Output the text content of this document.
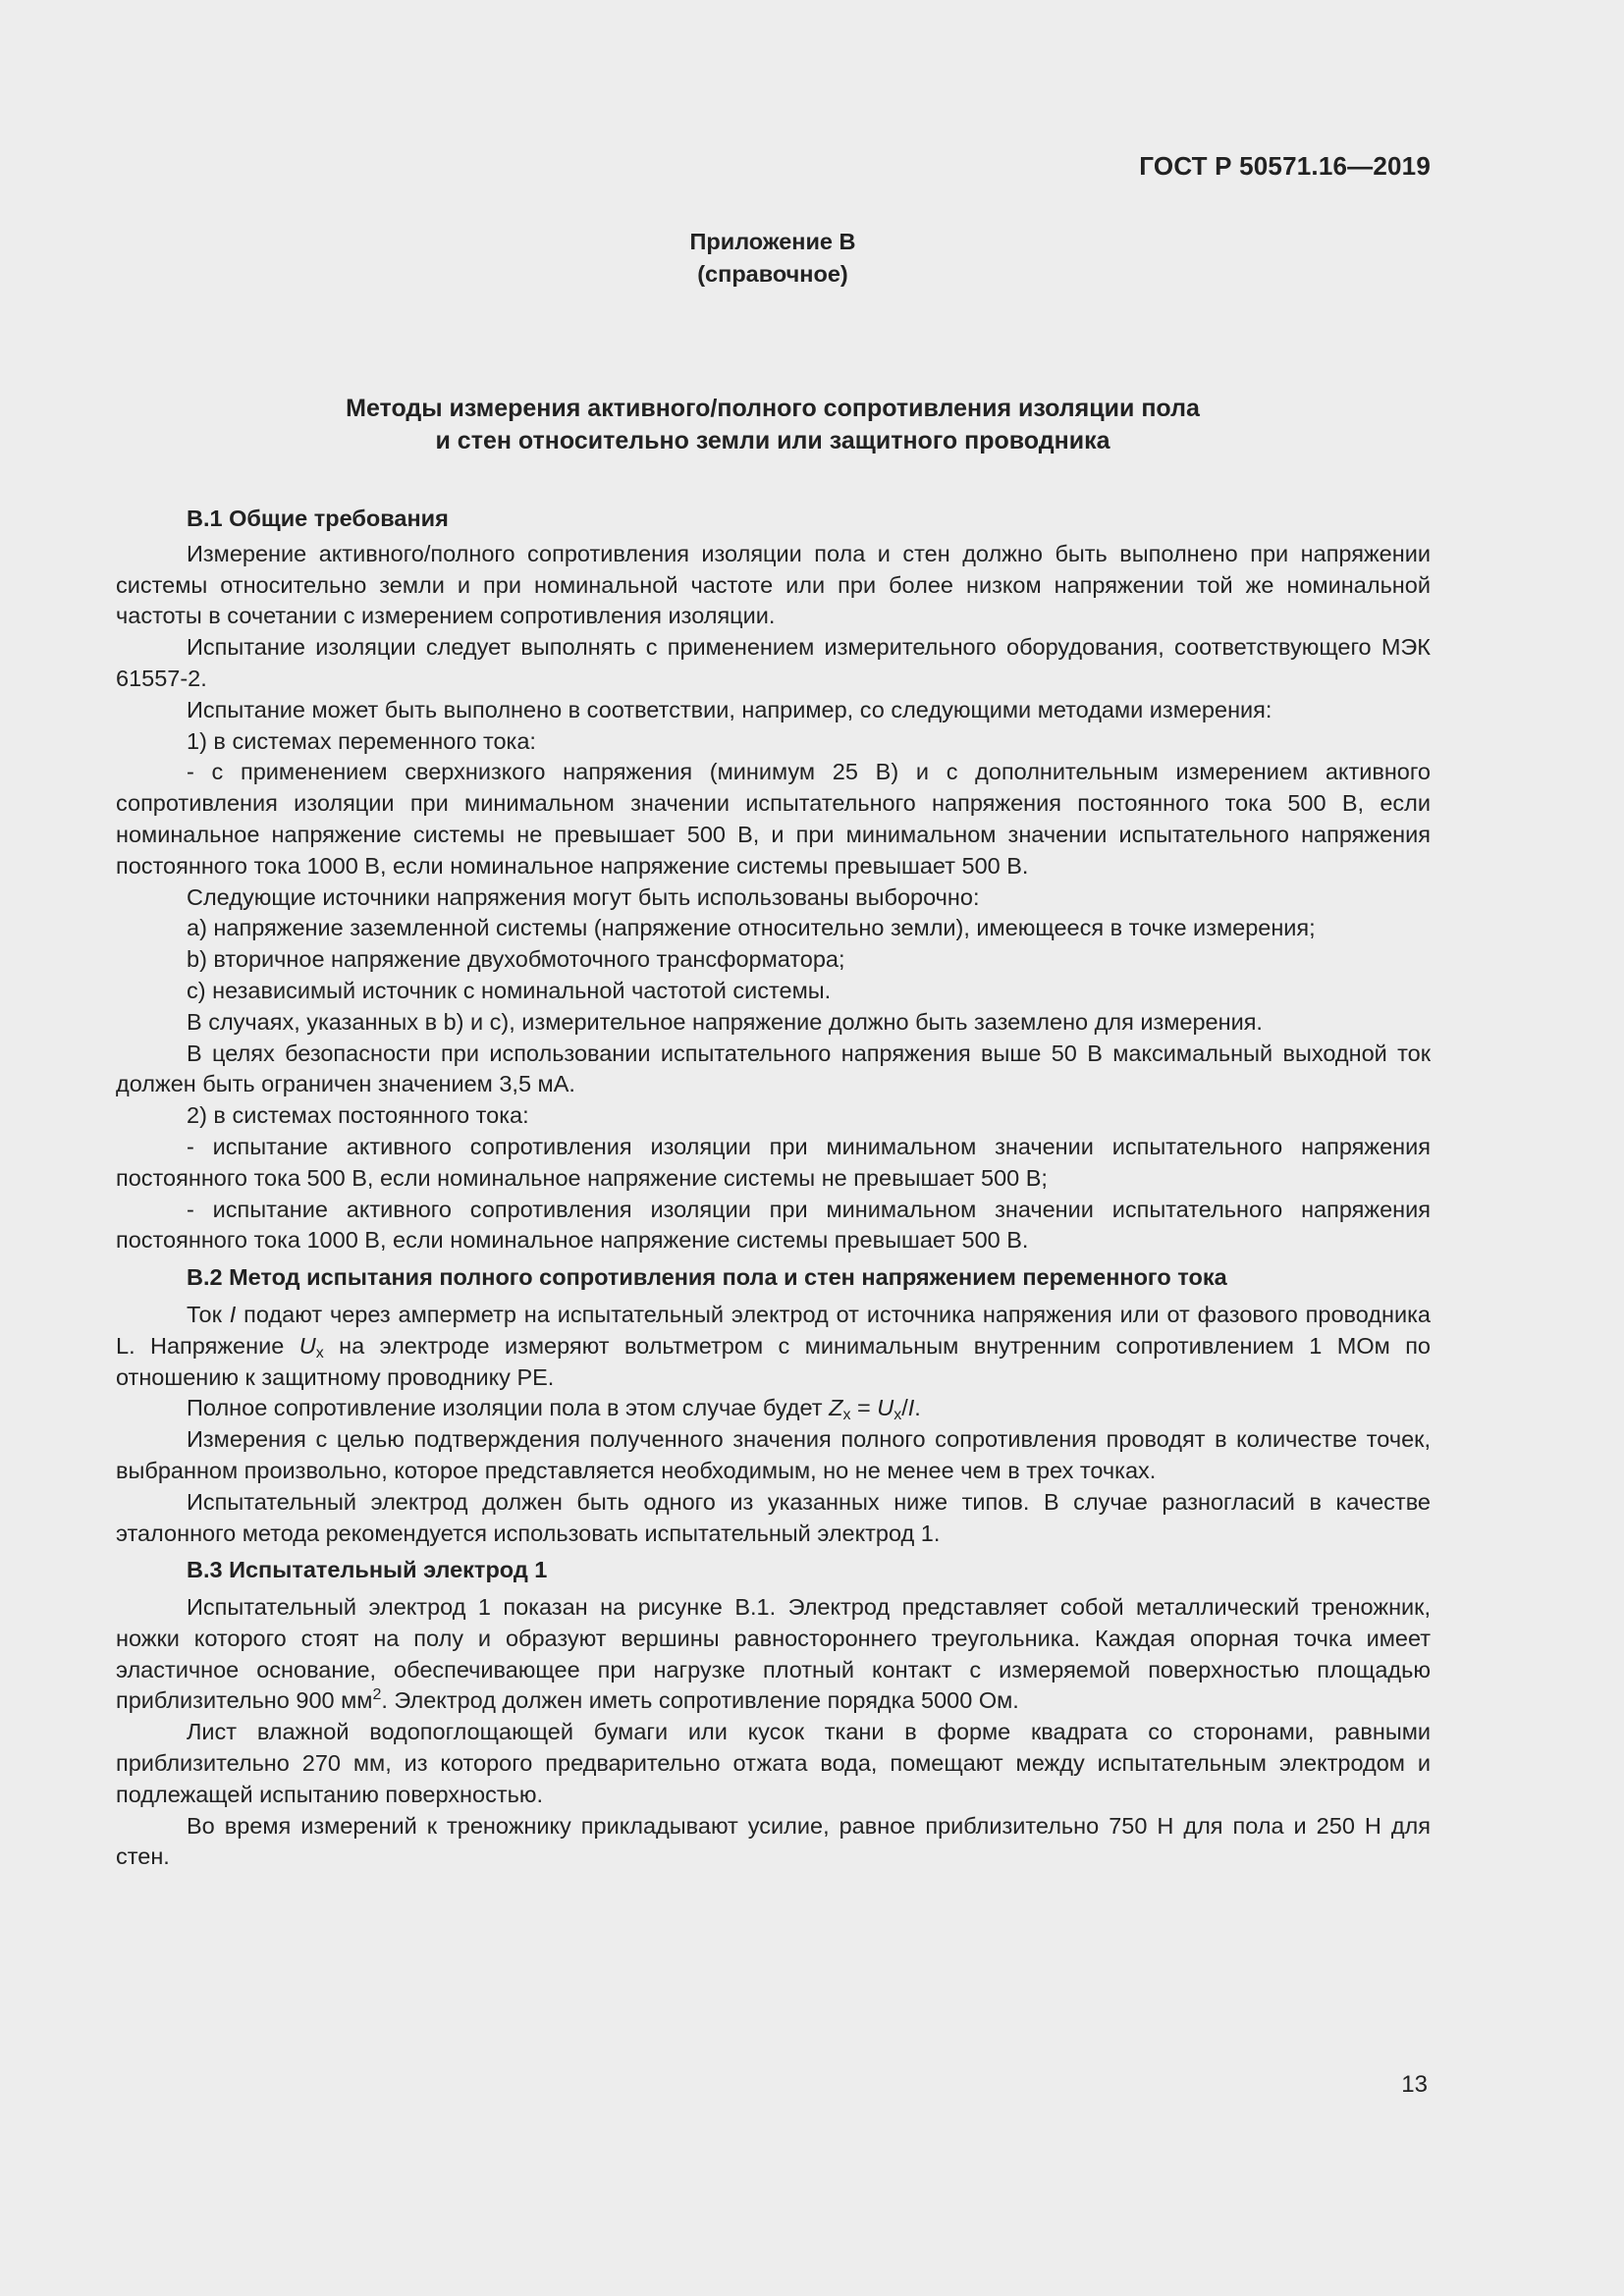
ГОСТ Р 50571.16—2019
Приложение В
(справочное)
Методы измерения активного/полного сопротивления изоляции пола
и стен относительно земли или защитного проводника
В.1 Общие требования

Измерение активного/полного сопротивления изоляции пола и стен должно быть выполнено при напряжении системы относительно земли и при номинальной частоте или при более низком напряжении той же номинальной частоты в сочетании с измерением сопротивления изоляции.

Испытание изоляции следует выполнять с применением измерительного оборудования, соответствующего МЭК 61557-2.

Испытание может быть выполнено в соответствии, например, со следующими методами измерения:

1) в системах переменного тока:

- с применением сверхнизкого напряжения (минимум 25 В) и с дополнительным измерением активного сопротивления изоляции при минимальном значении испытательного напряжения постоянного тока 500 В, если номинальное напряжение системы не превышает 500 В, и при минимальном значении испытательного напряжения постоянного тока 1000 В, если номинальное напряжение системы превышает 500 В.

Следующие источники напряжения могут быть использованы выборочно:

a) напряжение заземленной системы (напряжение относительно земли), имеющееся в точке измерения;

b) вторичное напряжение двухобмоточного трансформатора;

c) независимый источник с номинальной частотой системы.

В случаях, указанных в b) и c), измерительное напряжение должно быть заземлено для измерения.

В целях безопасности при использовании испытательного напряжения выше 50 В максимальный выходной ток должен быть ограничен значением 3,5 мА.

2) в системах постоянного тока:

- испытание активного сопротивления изоляции при минимальном значении испытательного напряжения постоянного тока 500 В, если номинальное напряжение системы не превышает 500 В;

- испытание активного сопротивления изоляции при минимальном значении испытательного напряжения постоянного тока 1000 В, если номинальное напряжение системы превышает 500 В.

В.2 Метод испытания полного сопротивления пола и стен напряжением переменного тока

Ток I подают через амперметр на испытательный электрод от источника напряжения или от фазового проводника L. Напряжение $U_x$ на электроде измеряют вольтметром с минимальным внутренним сопротивлением 1 МОм по отношению к защитному проводнику PE.

Полное сопротивление изоляции пола в этом случае будет $Z_x = U_x/I$.

Измерения с целью подтверждения полученного значения полного сопротивления проводят в количестве точек, выбранном произвольно, которое представляется необходимым, но не менее чем в трех точках.

Испытательный электрод должен быть одного из указанных ниже типов. В случае разногласий в качестве эталонного метода рекомендуется использовать испытательный электрод 1.

В.3 Испытательный электрод 1

Испытательный электрод 1 показан на рисунке В.1. Электрод представляет собой металлический треножник, ножки которого стоят на полу и образуют вершины равностороннего треугольника. Каждая опорная точка имеет эластичное основание, обеспечивающее при нагрузке плотный контакт с измеряемой поверхностью площадью приблизительно 900 $мм^2$. Электрод должен иметь сопротивление порядка 5000 Ом.

Лист влажной водопоглощающей бумаги или кусок ткани в форме квадрата со сторонами, равными приблизительно 270 мм, из которого предварительно отжата вода, помещают между испытательным электродом и подлежащей испытанию поверхностью.

Во время измерений к треножнику прикладывают усилие, равное приблизительно 750 Н для пола и 250 Н для стен.

13
